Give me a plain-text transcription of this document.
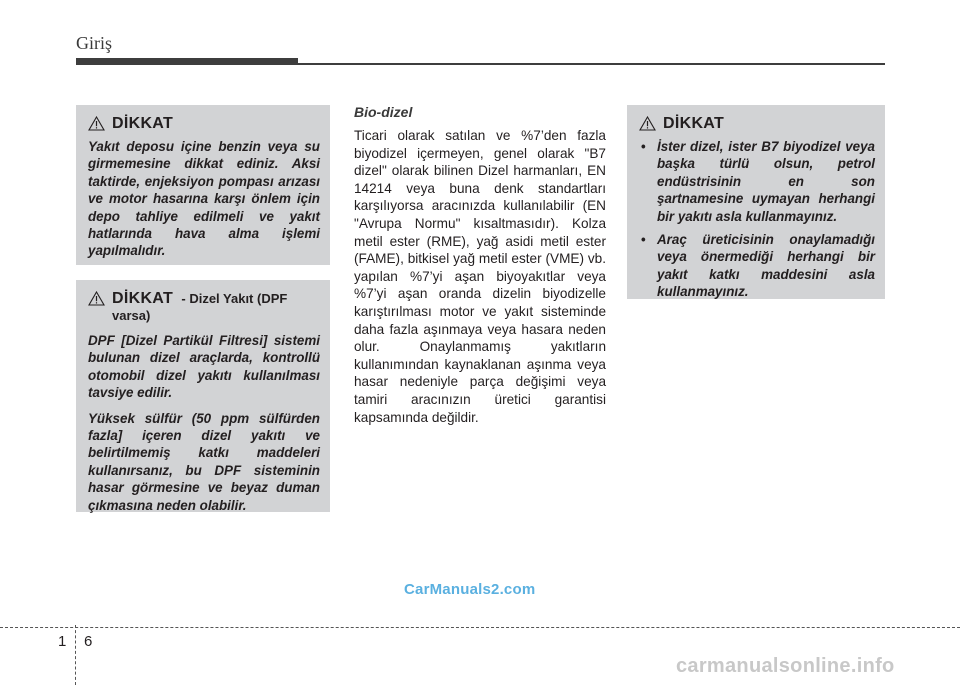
Giriş
DİKKAT

Yakıt deposu içine benzin veya su girmemesine dikkat ediniz. Aksi taktirde, enjeksiyon pompası arızası ve motor hasarına karşı önlem için depo tahliye edilmeli ve yakıt hatlarında hava alma işlemi yapılmalıdır.

DİKKAT - Dizel Yakıt (DPF varsa)

DPF [Dizel Partikül Filtresi] sistemi bulunan dizel araçlarda, kontrollü otomobil dizel yakıtı kullanılması tavsiye edilir.

Yüksek sülfür (50 ppm sülfürden fazla] içeren dizel yakıtı ve belirtilmemiş katkı maddeleri kullanırsanız, bu DPF sisteminin hasar görmesine ve beyaz duman çıkmasına neden olabilir.

Bio-dizel

Ticari olarak satılan ve %7’den fazla biyodizel içermeyen, genel olarak "B7 dizel" olarak bilinen Dizel harmanları, EN 14214 veya buna denk standartları karşılıyorsa aracınızda kullanılabilir (EN "Avrupa Normu" kısaltmasıdır). Kolza metil ester (RME), yağ asidi metil ester (FAME), bitkisel yağ metil ester (VME) vb. yapılan %7’yi aşan biyoyakıtlar veya %7’yi aşan oranda dizelin biyodizelle karıştırılması motor ve yakıt sisteminde daha fazla aşınmaya veya hasara neden olur. Onaylanmamış yakıtların kullanımından kaynaklanan aşınma veya hasar nedeniyle parça değişimi veya tamiri aracınızın üretici garantisi kapsamında değildir.

DİKKAT
• İster dizel, ister B7 biyodizel veya başka türlü olsun, petrol endüstrisinin en son şartnamesine uymayan herhangi bir yakıtı asla kullanmayınız.
• Araç üreticisinin onaylamadığı veya önermediği herhangi bir yakıt katkı maddesini asla kullanmayınız.
1 6
CarManuals2.com
carmanualsonline.info
